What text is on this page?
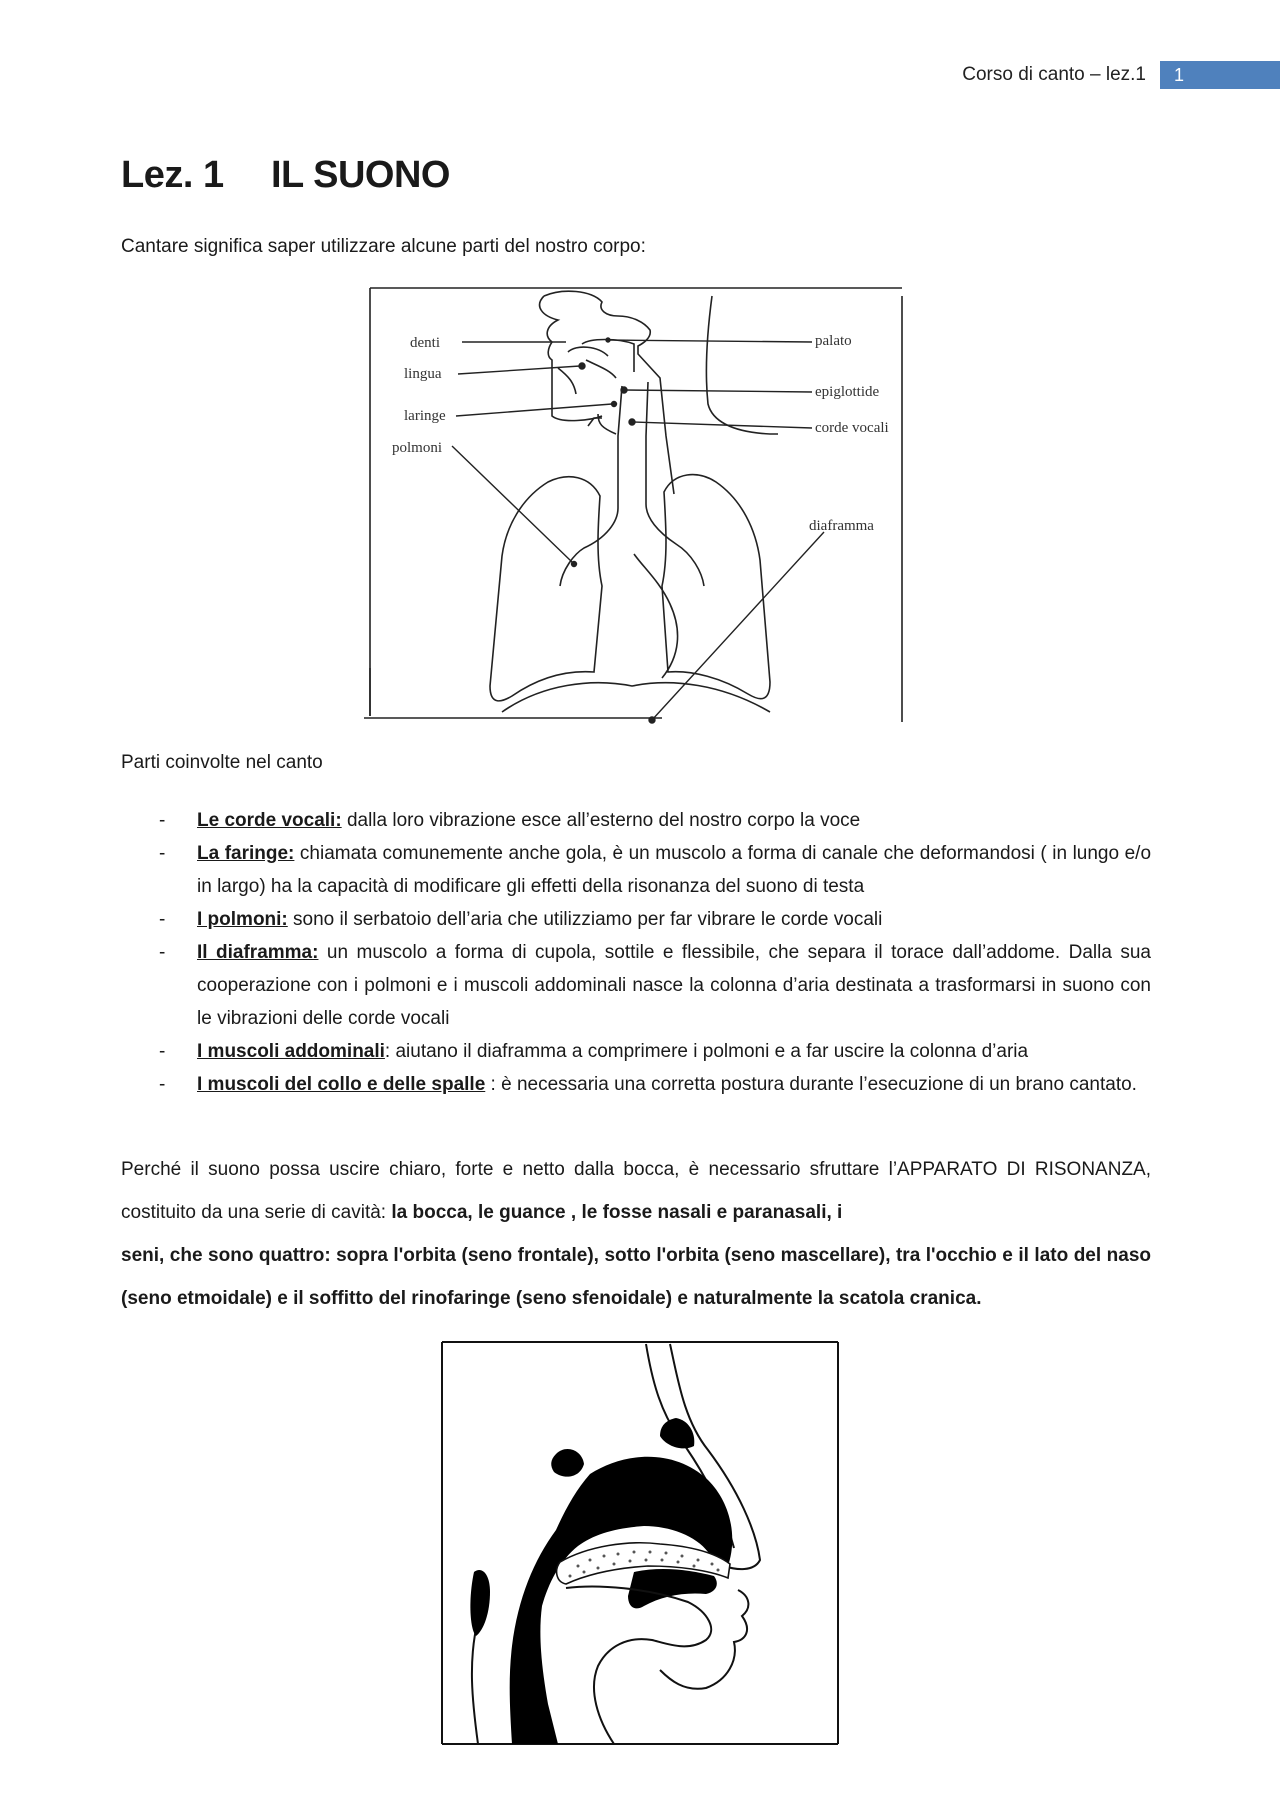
Corso di canto – lez.1	1
Lez. 1 IL SUONO
Cantare significa saper utilizzare alcune parti del nostro corpo:
denti
lingua
laringe
polmoni
palato
epiglottide
corde vocali
diaframma
Parti coinvolte nel canto
- Le corde vocali: dalla loro vibrazione esce all’esterno del nostro corpo la voce
- La faringe: chiamata comunemente anche gola, è un muscolo a forma di canale che deformandosi ( in lungo e/o in largo) ha la capacità di modificare gli effetti della risonanza del suono di testa
- I polmoni: sono il serbatoio dell’aria che utilizziamo per far vibrare le corde vocali
- Il diaframma: un muscolo a forma di cupola, sottile e flessibile, che separa il torace dall’addome. Dalla sua cooperazione con i polmoni e i muscoli addominali nasce la colonna d’aria destinata a trasformarsi in suono con le vibrazioni delle corde vocali
- I muscoli addominali: aiutano il diaframma a comprimere i polmoni e a far uscire la colonna d’aria
- I muscoli del collo e delle spalle : è necessaria una corretta postura durante l’esecuzione di un brano cantato.
Perché il suono possa uscire chiaro, forte e netto dalla bocca, è necessario sfruttare l’APPARATO DI RISONANZA, costituito da una serie di cavità: la bocca, le guance , le fosse nasali e paranasali, i
seni, che sono quattro: sopra l'orbita (seno frontale), sotto l'orbita (seno mascellare), tra l'occhio e il lato del naso (seno etmoidale) e il soffitto del rinofaringe (seno sfenoidale) e naturalmente la scatola cranica.
